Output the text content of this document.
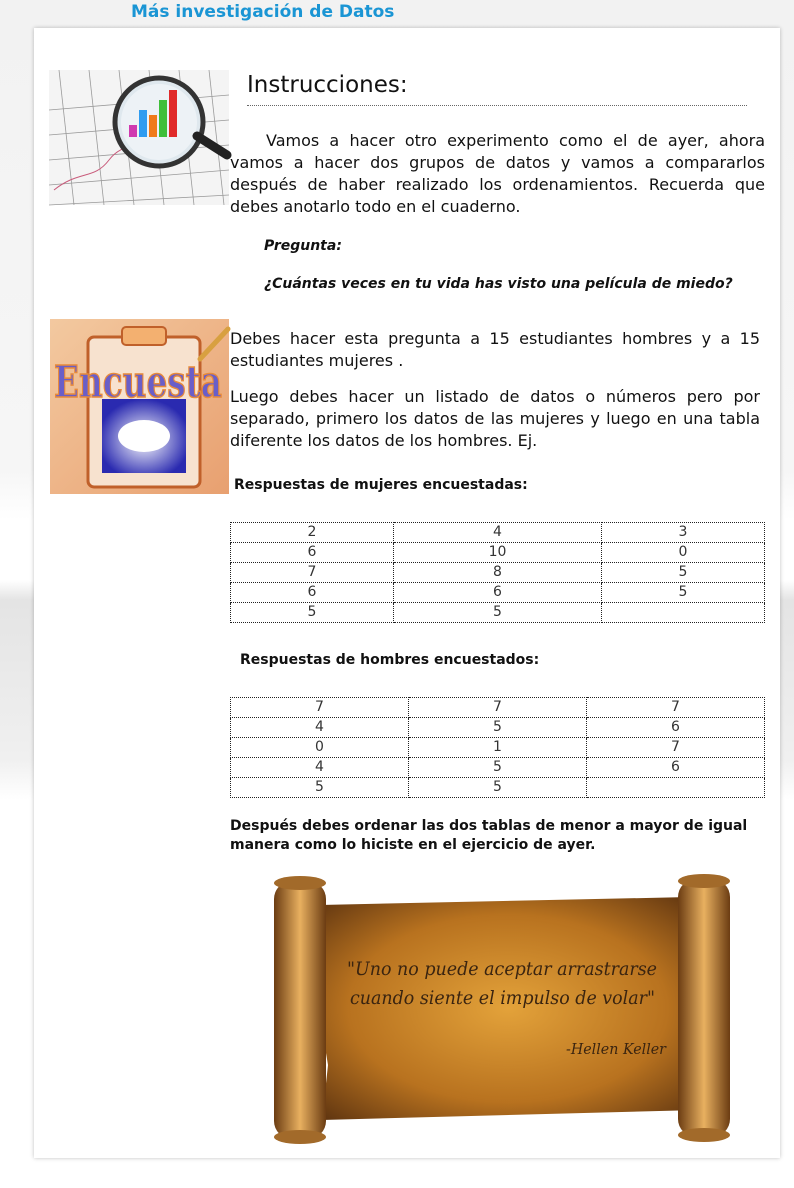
Más investigación de Datos
Instrucciones:

Vamos a hacer otro experimento como el de ayer, ahora vamos a hacer dos grupos de datos y vamos a compararlos después de haber realizado los ordenamientos. Recuerda que debes anotarlo todo en el cuaderno.

Pregunta:

¿Cuántas veces en tu vida has visto una película de miedo?

Encuesta

Debes hacer esta pregunta a 15 estudiantes hombres y a 15 estudiantes mujeres .

Luego debes hacer un listado de datos o números pero por separado, primero los datos de las mujeres y luego en una tabla diferente los datos de los hombres. Ej.

Respuestas de mujeres encuestadas:

2	4	3
6	10	0
7	8	5
6	6	5
5	5	

Respuestas de hombres encuestados:

7	7	7
4	5	6
0	1	7
4	5	6
5	5	

Después debes ordenar las dos tablas de menor a mayor de igual manera como lo hiciste en el ejercicio de ayer.

"Uno no puede aceptar arrastrarse
cuando siente el impulso de volar"
-Hellen Keller
